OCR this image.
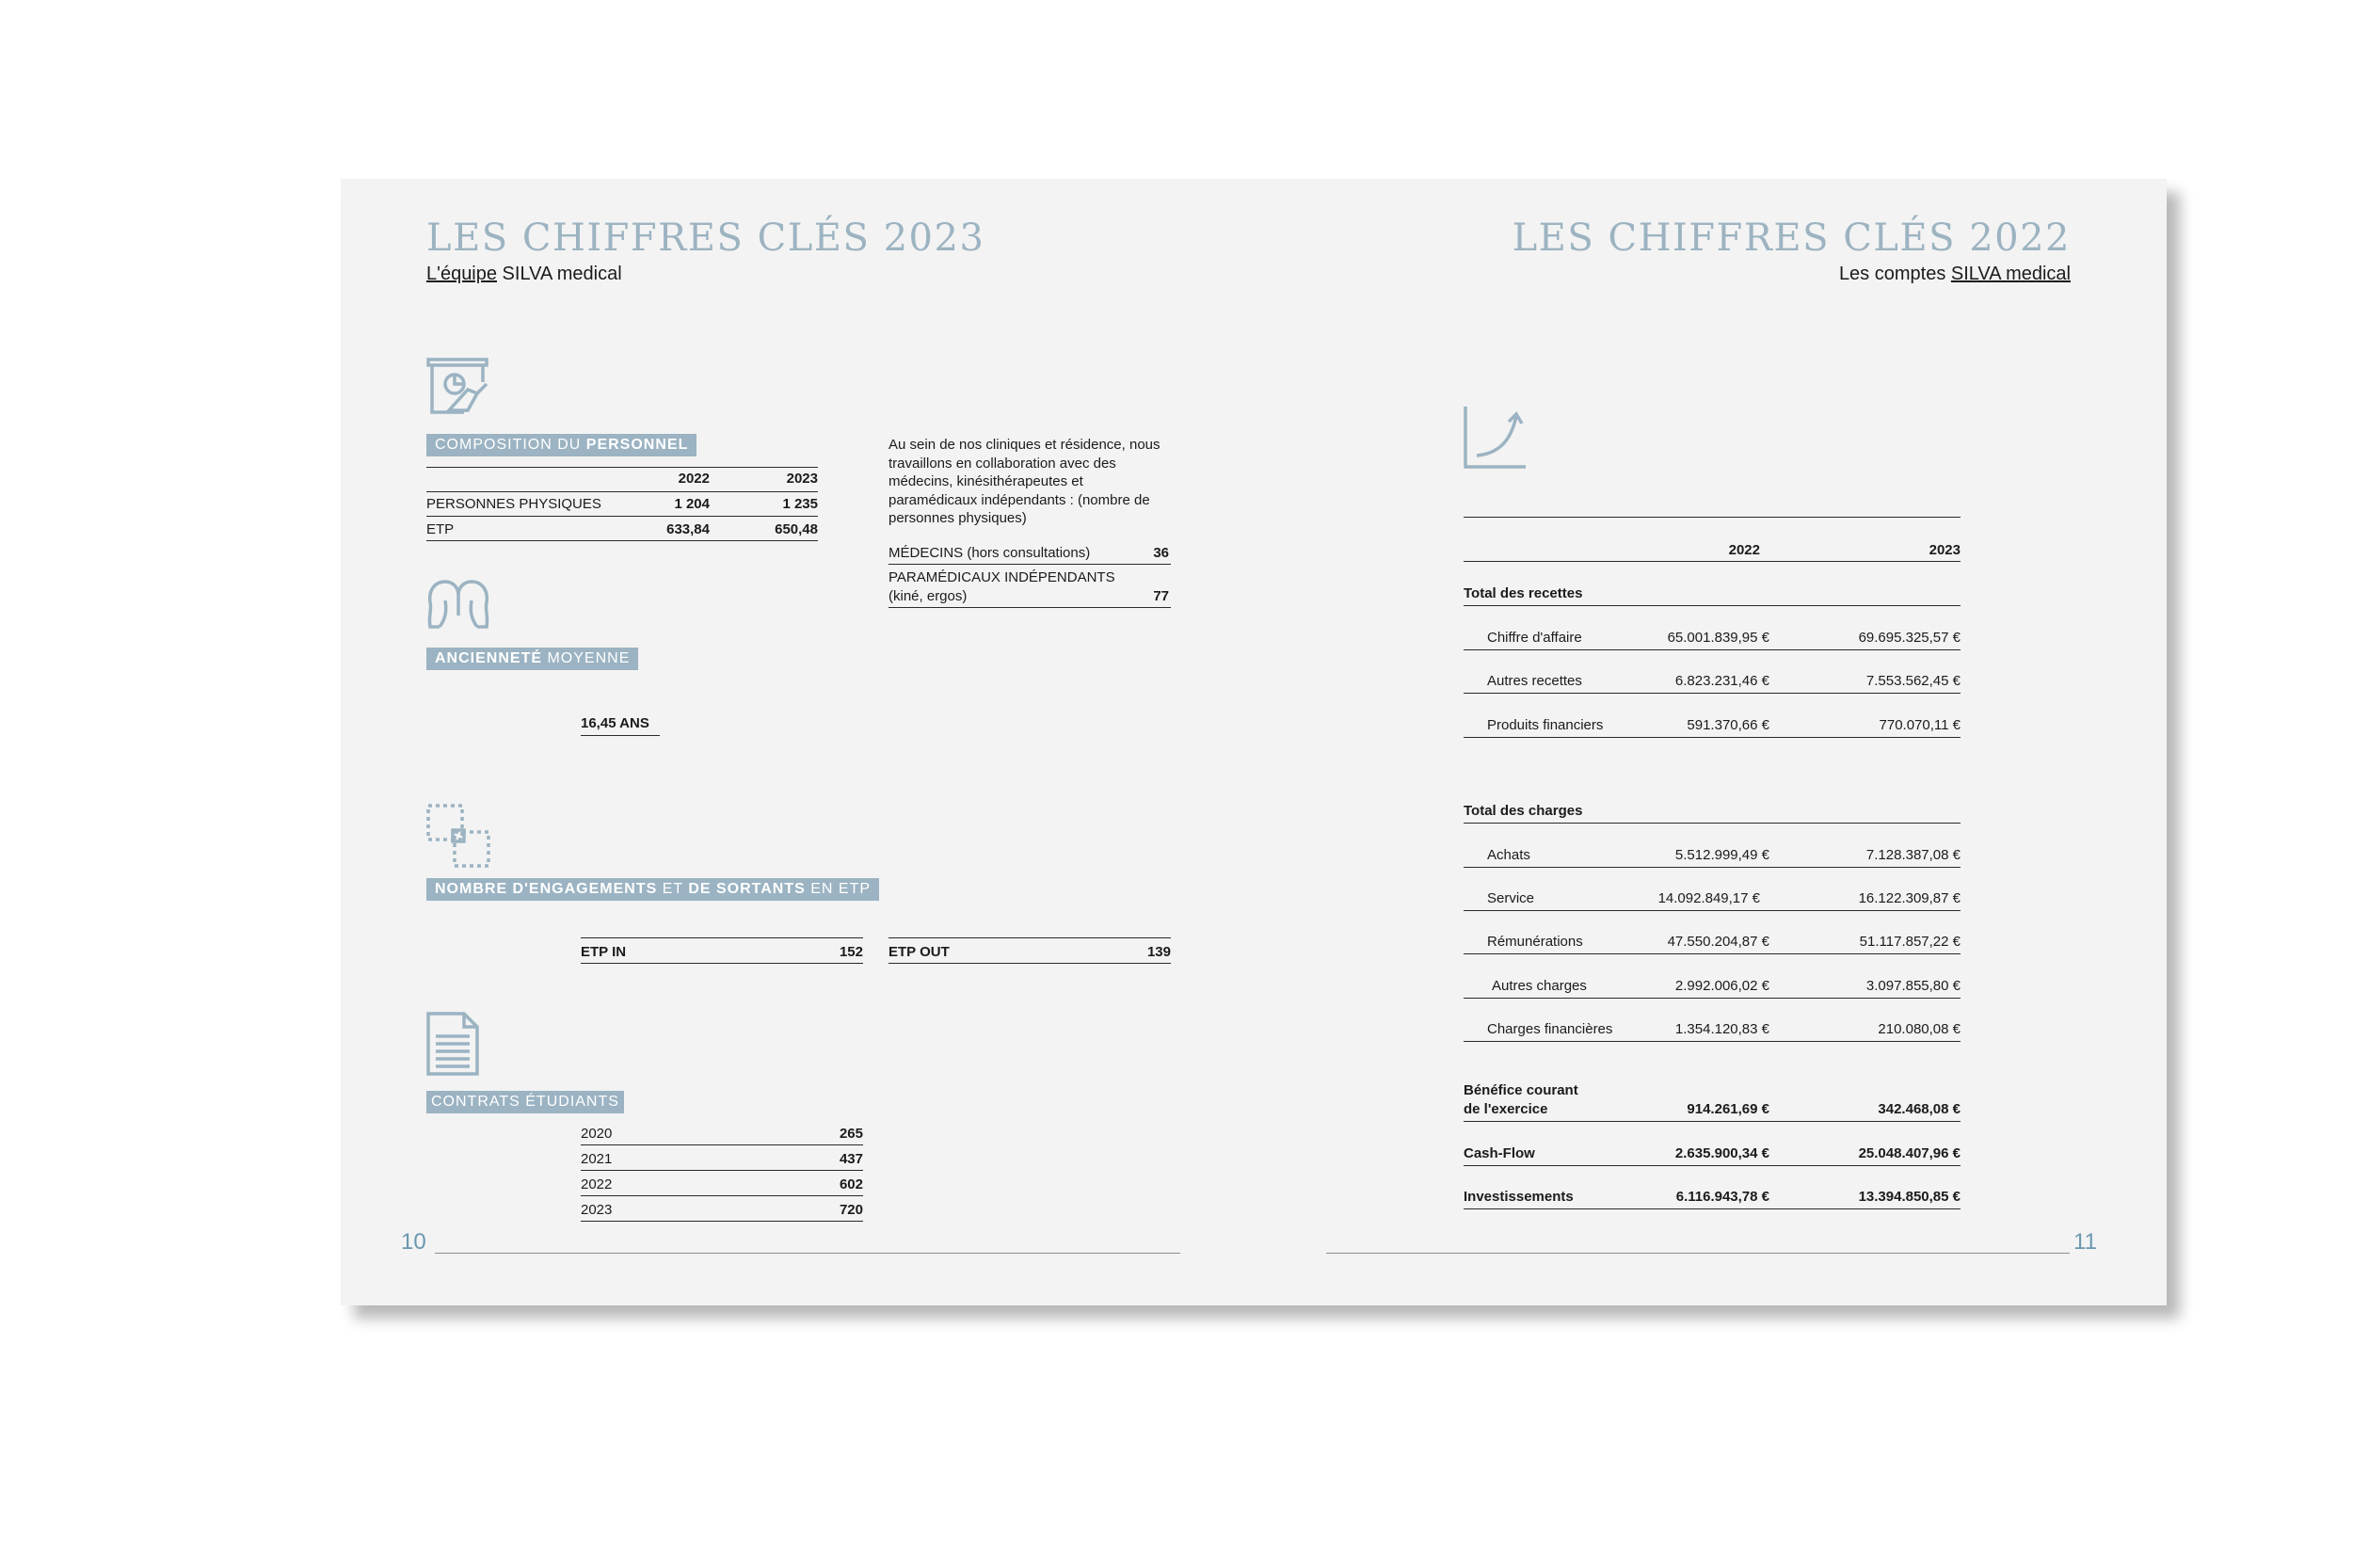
LES CHIFFRES CLÉS 2023
L'équipe SILVA medical
COMPOSITION DU PERSONNEL
2022	2023
PERSONNES PHYSIQUES	1 204	1 235
ETP	633,84	650,48
Au sein de nos cliniques et résidence, nous travaillons en collaboration avec des médecins, kinésithérapeutes et paramédicaux indépendants : (nombre de personnes physiques)
MÉDECINS (hors consultations)	36
PARAMÉDICAUX INDÉPENDANTS
(kiné, ergos)	77
ANCIENNETÉ MOYENNE
16,45 ANS
NOMBRE D'ENGAGEMENTS ET DE SORTANTS EN ETP
ETP IN	152 ETP OUT	139
CONTRATS ÉTUDIANTS
2020	265
2021	437
2022	602
2023	720
10
LES CHIFFRES CLÉS 2022
Les comptes SILVA medical
2022	2023
Total des recettes
Chiffre d'affaire	65.001.839,95 €	69.695.325,57 €
Autres recettes	6.823.231,46 €	7.553.562,45 €
Produits financiers	591.370,66 €	770.070,11 €
Total des charges
Achats	5.512.999,49 €	7.128.387,08 €
Service	14.092.849,17 €	16.122.309,87 €
Rémunérations	47.550.204,87 €	51.117.857,22 €
Autres charges	2.992.006,02 €	3.097.855,80 €
Charges financières	1.354.120,83 €	210.080,08 €
Bénéfice courant
de l'exercice	914.261,69 €	342.468,08 €
Cash-Flow	2.635.900,34 €	25.048.407,96 €
Investissements	6.116.943,78 €	13.394.850,85 €
11
